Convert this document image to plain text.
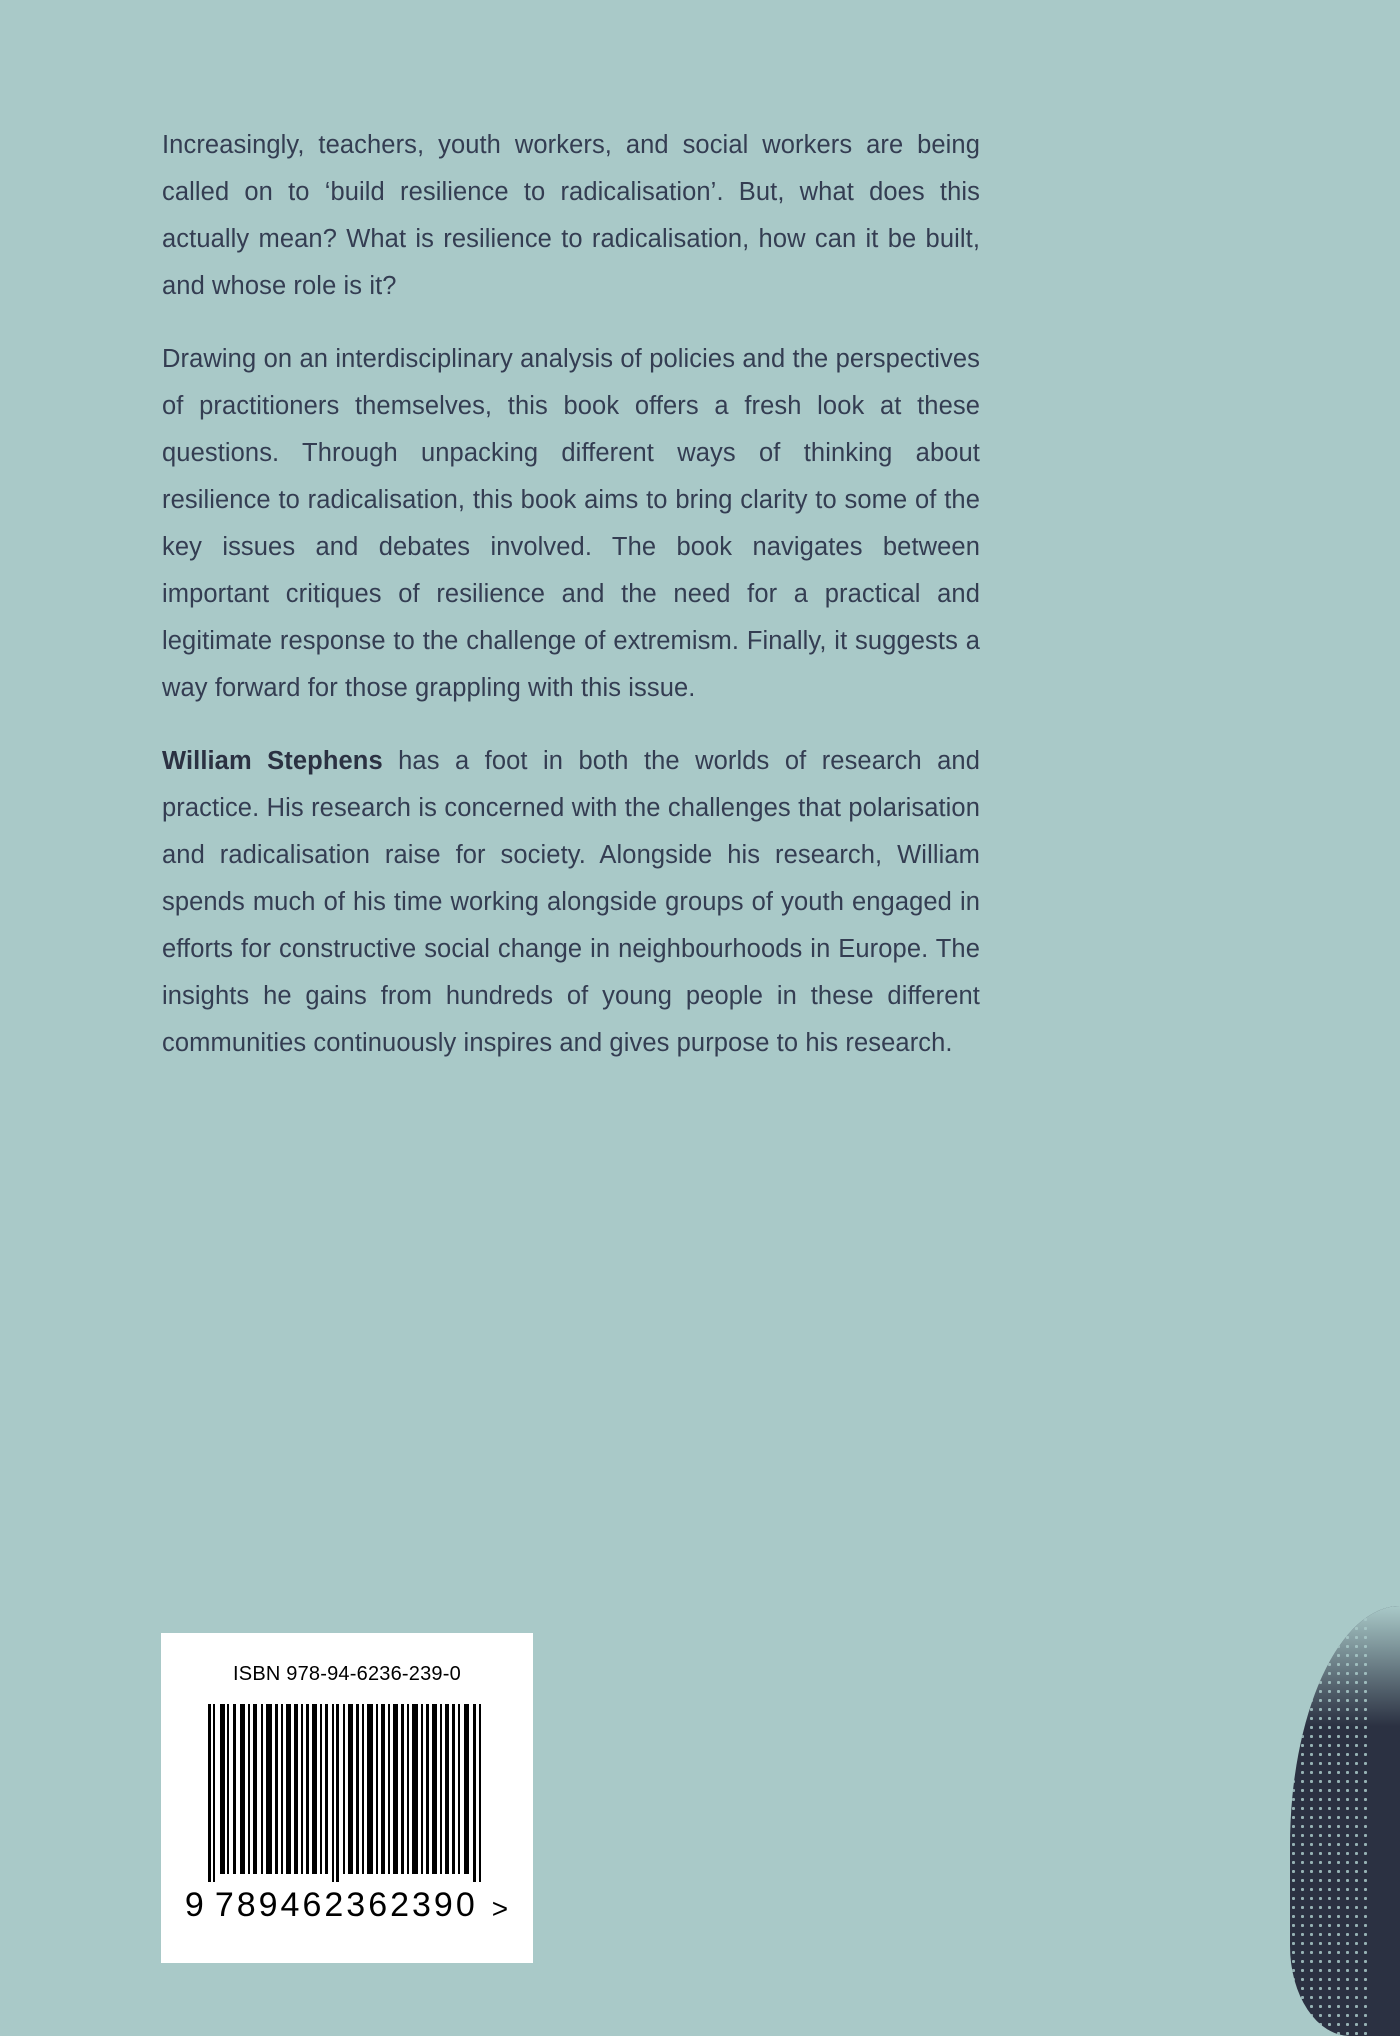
Increasingly, teachers, youth workers, and social workers are being called on to ‘build resilience to radicalisation’. But, what does this actually mean? What is resilience to radicalisation, how can it be built, and whose role is it?

Drawing on an interdisciplinary analysis of policies and the perspectives of practitioners themselves, this book offers a fresh look at these questions. Through unpacking different ways of thinking about resilience to radicalisation, this book aims to bring clarity to some of the key issues and debates involved. The book navigates between important critiques of resilience and the need for a practical and legitimate response to the challenge of extremism. Finally, it suggests a way forward for those grappling with this issue.

William Stephens has a foot in both the worlds of research and practice. His research is concerned with the challenges that polarisation and radicalisation raise for society. Alongside his research, William spends much of his time working alongside groups of youth engaged in efforts for constructive social change in neighbourhoods in Europe. The insights he gains from hundreds of young people in these different communities continuously inspires and gives purpose to his research.

ISBN 978-94-6236-239-0
9 789462 362390 >
